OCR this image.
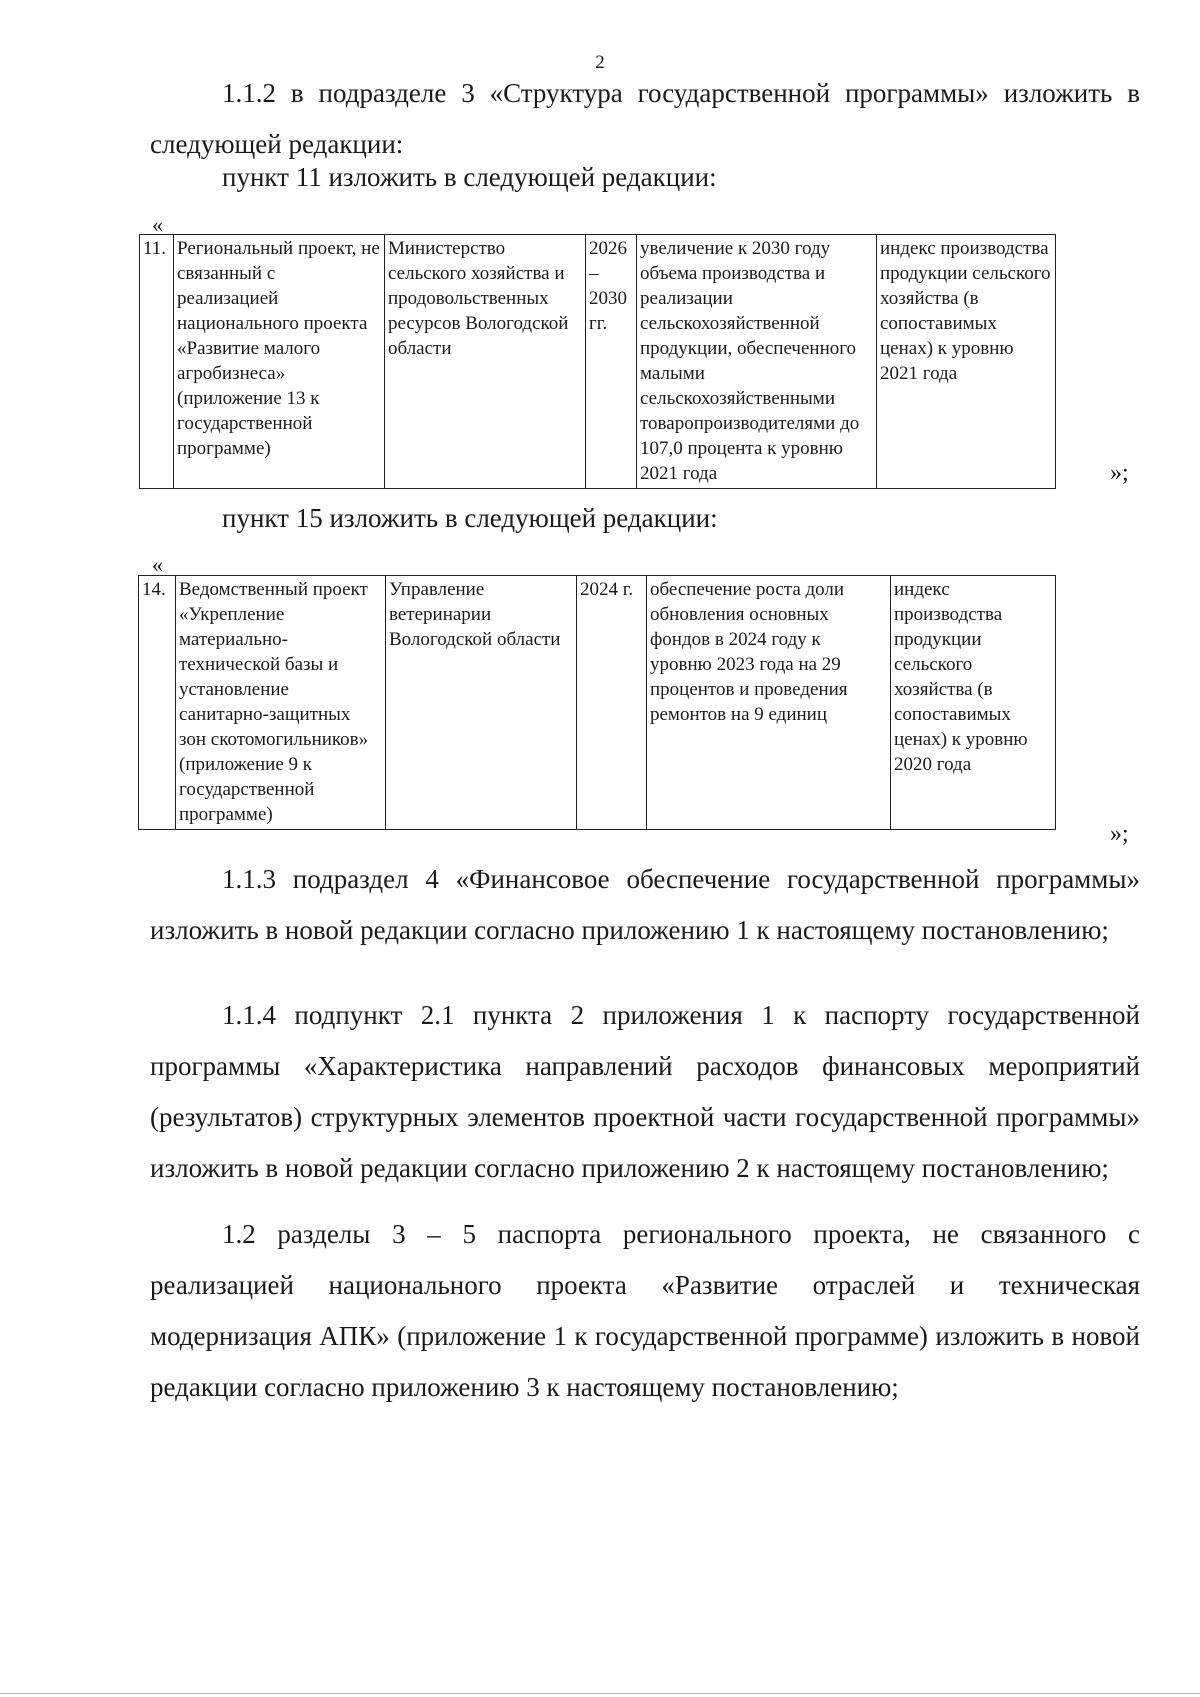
2
1.1.2 в подразделе 3 «Структура государственной программы» изложить в следующей редакции:
пункт 11 изложить в следующей редакции:
«
11.	Региональный проект, не связанный с реализацией национального проекта «Развитие малого агробизнеса» (приложение 13 к государственной программе)	Министерство сельского хозяйства и продовольственных ресурсов Вологодской области	2026 – 2030 гг.	увеличение к 2030 году объема производства и реализации сельскохозяйственной продукции, обеспеченного малыми сельскохозяйственными товаропроизводителями до 107,0 процента к уровню 2021 года	индекс производства продукции сельского хозяйства (в сопоставимых ценах) к уровню 2021 года
»;
пункт 15 изложить в следующей редакции:
«
14.	Ведомственный проект «Укрепление материально-технической базы и установление санитарно-защитных зон скотомогильников» (приложение 9 к государственной программе)	Управление ветеринарии Вологодской области	2024 г.	обеспечение роста доли обновления основных фондов в 2024 году к уровню 2023 года на 29 процентов и проведения ремонтов на 9 единиц	индекс производства продукции сельского хозяйства (в сопоставимых ценах) к уровню 2020 года
»;
1.1.3 подраздел 4 «Финансовое обеспечение государственной программы» изложить в новой редакции согласно приложению 1 к настоящему постановлению;
1.1.4 подпункт 2.1 пункта 2 приложения 1 к паспорту государственной программы «Характеристика направлений расходов финансовых мероприятий (результатов) структурных элементов проектной части государственной программы» изложить в новой редакции согласно приложению 2 к настоящему постановлению;
1.2 разделы 3 – 5 паспорта регионального проекта, не связанного с реализацией национального проекта «Развитие отраслей и техническая модернизация АПК» (приложение 1 к государственной программе) изложить в новой редакции согласно приложению 3 к настоящему постановлению;
